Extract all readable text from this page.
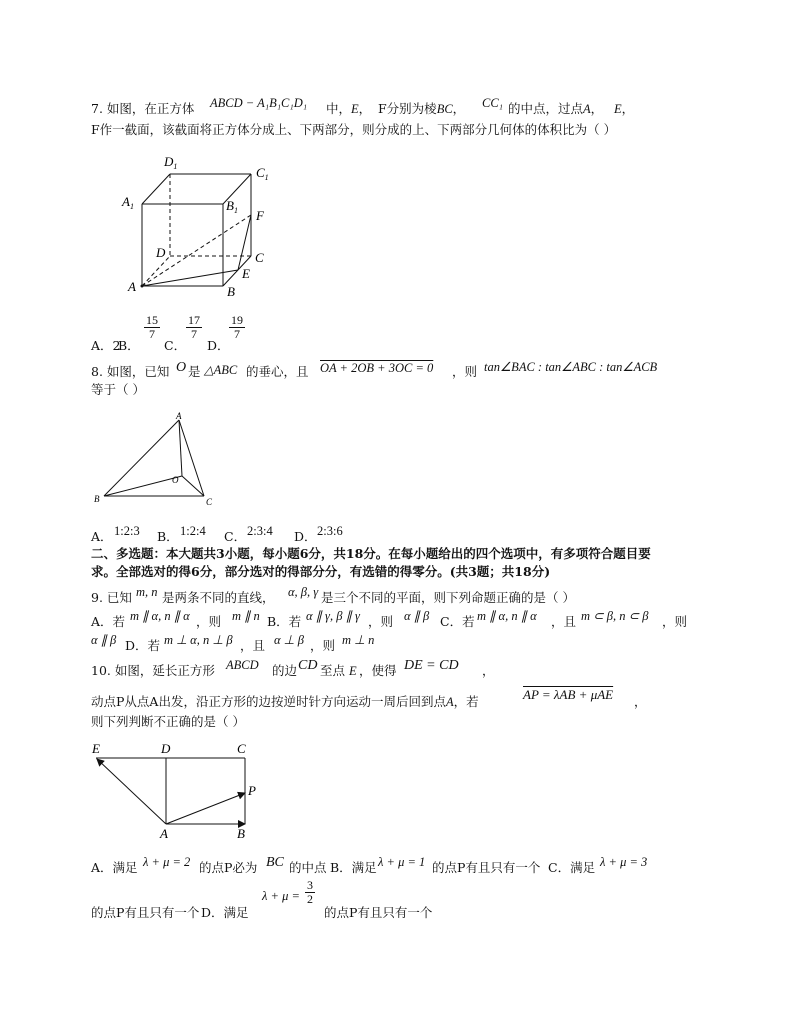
7. 如图，在正方体 ABCD − A₁B₁C₁D₁ 中，E， F分别为棱BC， CC₁ 的中点，过点A， E，
F作一截面，该截面将正方体分成上、下两部分，则分成的上、下两部分几何体的体积比为（ ）
$D_1$	$C_1$
$A_1$	$B_1$ F
D	C
E
A	B
A．2
B．
$\frac{15}{7}$
C．
$\frac{17}{7}$
D．
$\frac{19}{7}$
8. 如图，已知 O 是 △ABC 的垂心，且 OA + 2OB + 3OC = 0 ，则 tan∠BAC : tan∠ABC : tan∠ACB
等于（ ）
A
B	C
O
A． 1:2:3 B． 1:2:4 C． 2:3:4 D． 2:3:6
二、多选题：本大题共3小题，每小题6分，共18分。在每小题给出的四个选项中，有多项符合题目要
求。全部选对的得6分，部分选对的得部分分，有选错的得零分。(共3题；共18分)
9. 已知 m, n 是两条不同的直线， α, β, γ 是三个不同的平面，则下列命题正确的是（ ）
A．若 m ∥ α, n ∥ α ，则 m ∥ n B．若 α ∥ γ, β ∥ γ ，则 α ∥ β C．若 m ∥ α, n ∥ α ，且 m ⊂ β, n ⊂ β ，则
α ∥ β D．若 m ⊥ α, n ⊥ β ，且 α ⊥ β ，则 m ⊥ n
10. 如图，延长正方形 ABCD 的边 CD 至点 E ，使得 DE = CD ，
动点P从点A出发，沿正方形的边按逆时针方向运动一周后回到点A，若	AP = λAB + μAE ，
则下列判断不正确的是（ ）
E	D	C
P
A	B
A．满足 λ + μ = 2 的点P必为 BC 的中点 B．满足 λ + μ = 1 的点P有且只有一个 C．满足 λ + μ = 3
的点P有且只有一个 D．满足
$\lambda + \mu = \frac{3}{2}$
的点P有且只有一个
